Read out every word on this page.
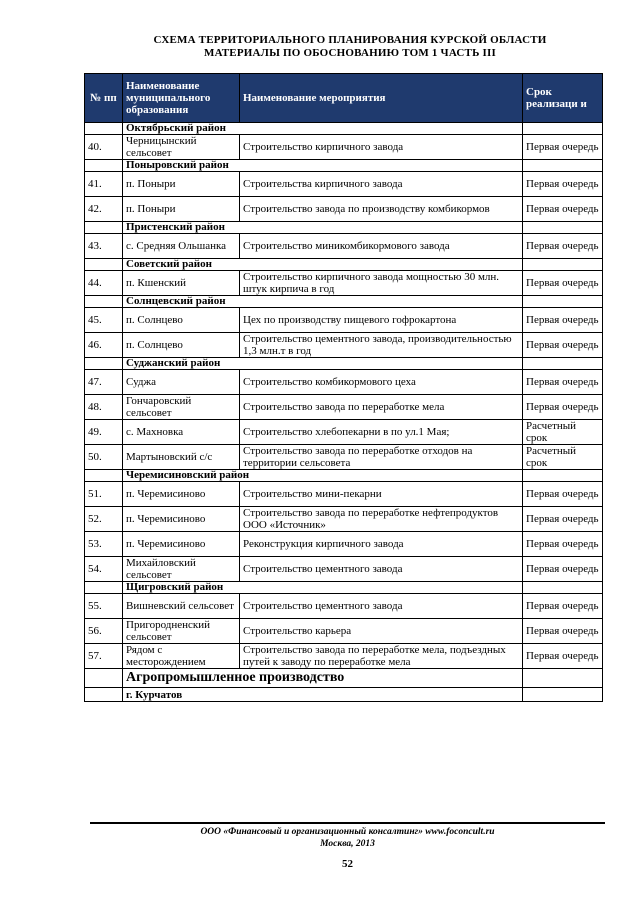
СХЕМА ТЕРРИТОРИАЛЬНОГО ПЛАНИРОВАНИЯ КУРСКОЙ ОБЛАСТИ
МАТЕРИАЛЫ ПО ОБОСНОВАНИЮ ТОМ 1 ЧАСТЬ III
№ пп	Наименование муниципального образования	Наименование мероприятия	Срок реализаци и
	Октябрьский район		
40.	Черницынский сельсовет	Строительство кирпичного завода	Первая очередь
	Поныровский район		
41.	п. Поныри	Строительства кирпичного завода	Первая очередь
42.	п. Поныри	Строительство завода по производству комбикормов	Первая очередь
	Пристенский район		
43.	с. Средняя Ольшанка	Строительство миникомбикормового завода	Первая очередь
	Советский район		
44.	п. Кшенский	Строительство кирпичного завода мощностью 30 млн. штук кирпича в год	Первая очередь
	Солнцевский район		
45.	п. Солнцево	Цех по производству пищевого гофрокартона	Первая очередь
46.	п. Солнцево	Строительство цементного завода, производительностью 1,3 млн.т в год	Первая очередь
	Суджанский район		
47.	Суджа	Строительство комбикормового цеха	Первая очередь
48.	Гончаровский сельсовет	Строительство завода по переработке мела	Первая очередь
49.	с. Махновка	Строительство хлебопекарни в по ул.1 Мая;	Расчетный срок
50.	Мартыновский с/с	Строительство завода по переработке отходов на территории сельсовета	Расчетный срок
	Черемисиновский район		
51.	п. Черемисиново	Строительство мини-пекарни	Первая очередь
52.	п. Черемисиново	Строительство завода по переработке нефтепродуктов ООО «Источник»	Первая очередь
53.	п. Черемисиново	Реконструкция кирпичного завода	Первая очередь
54.	Михайловский сельсовет	Строительство цементного завода	Первая очередь
	Щигровский район		
55.	Вишневский сельсовет	Строительство цементного завода	Первая очередь
56.	Пригородненский сельсовет	Строительство карьера	Первая очередь
57.	Рядом с месторождением	Строительство завода по переработке мела, подъездных путей к заводу по переработке мела	Первая очередь
	Агропромышленное производство		
	г. Курчатов		
ООО «Финансовый и организационный консалтинг» www.foconcult.ru
Москва, 2013
52
